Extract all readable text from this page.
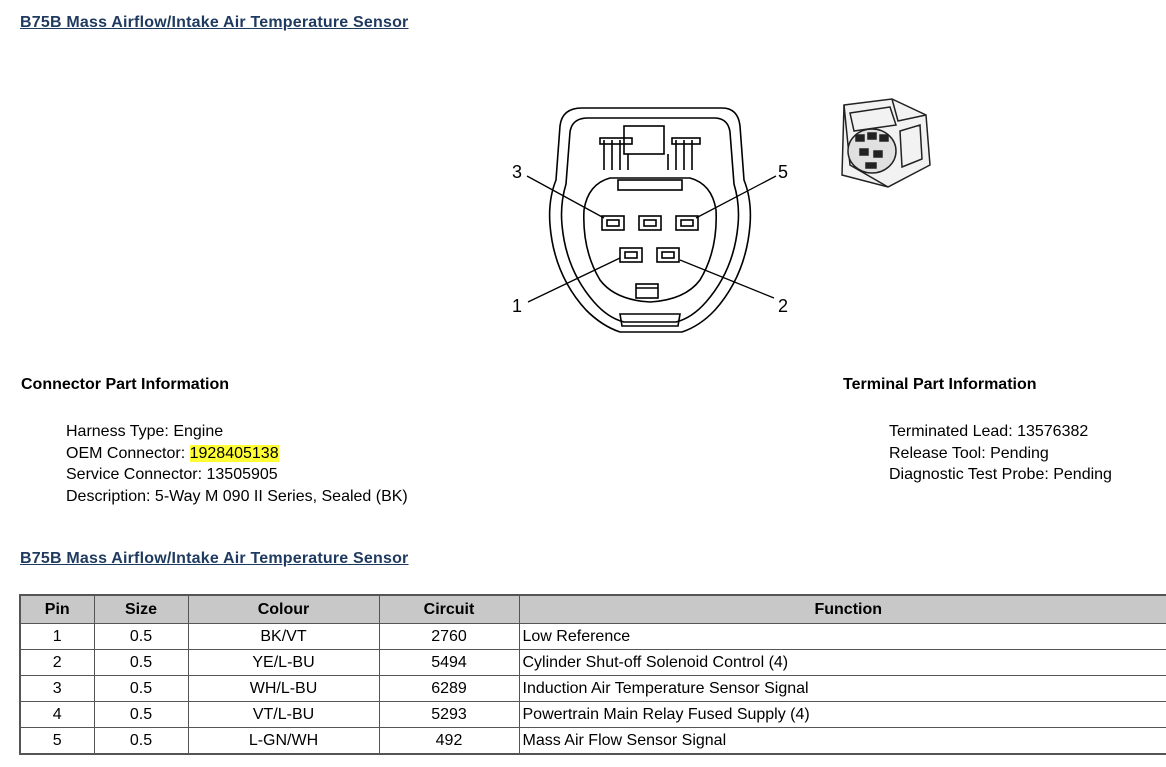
B75B Mass Airflow/Intake Air Temperature Sensor
3	5
1	2
Connector Part Information	Terminal Part Information
Harness Type: Engine
OEM Connector: 1928405138
Service Connector: 13505905
Description: 5-Way M 090 II Series, Sealed (BK)
Terminated Lead: 13576382
Release Tool: Pending
Diagnostic Test Probe: Pending
B75B Mass Airflow/Intake Air Temperature Sensor
Pin	Size	Colour	Circuit	Function
1	0.5	BK/VT	2760	Low Reference
2	0.5	YE/L-BU	5494	Cylinder Shut-off Solenoid Control (4)
3	0.5	WH/L-BU	6289	Induction Air Temperature Sensor Signal
4	0.5	VT/L-BU	5293	Powertrain Main Relay Fused Supply (4)
5	0.5	L-GN/WH	492	Mass Air Flow Sensor Signal
